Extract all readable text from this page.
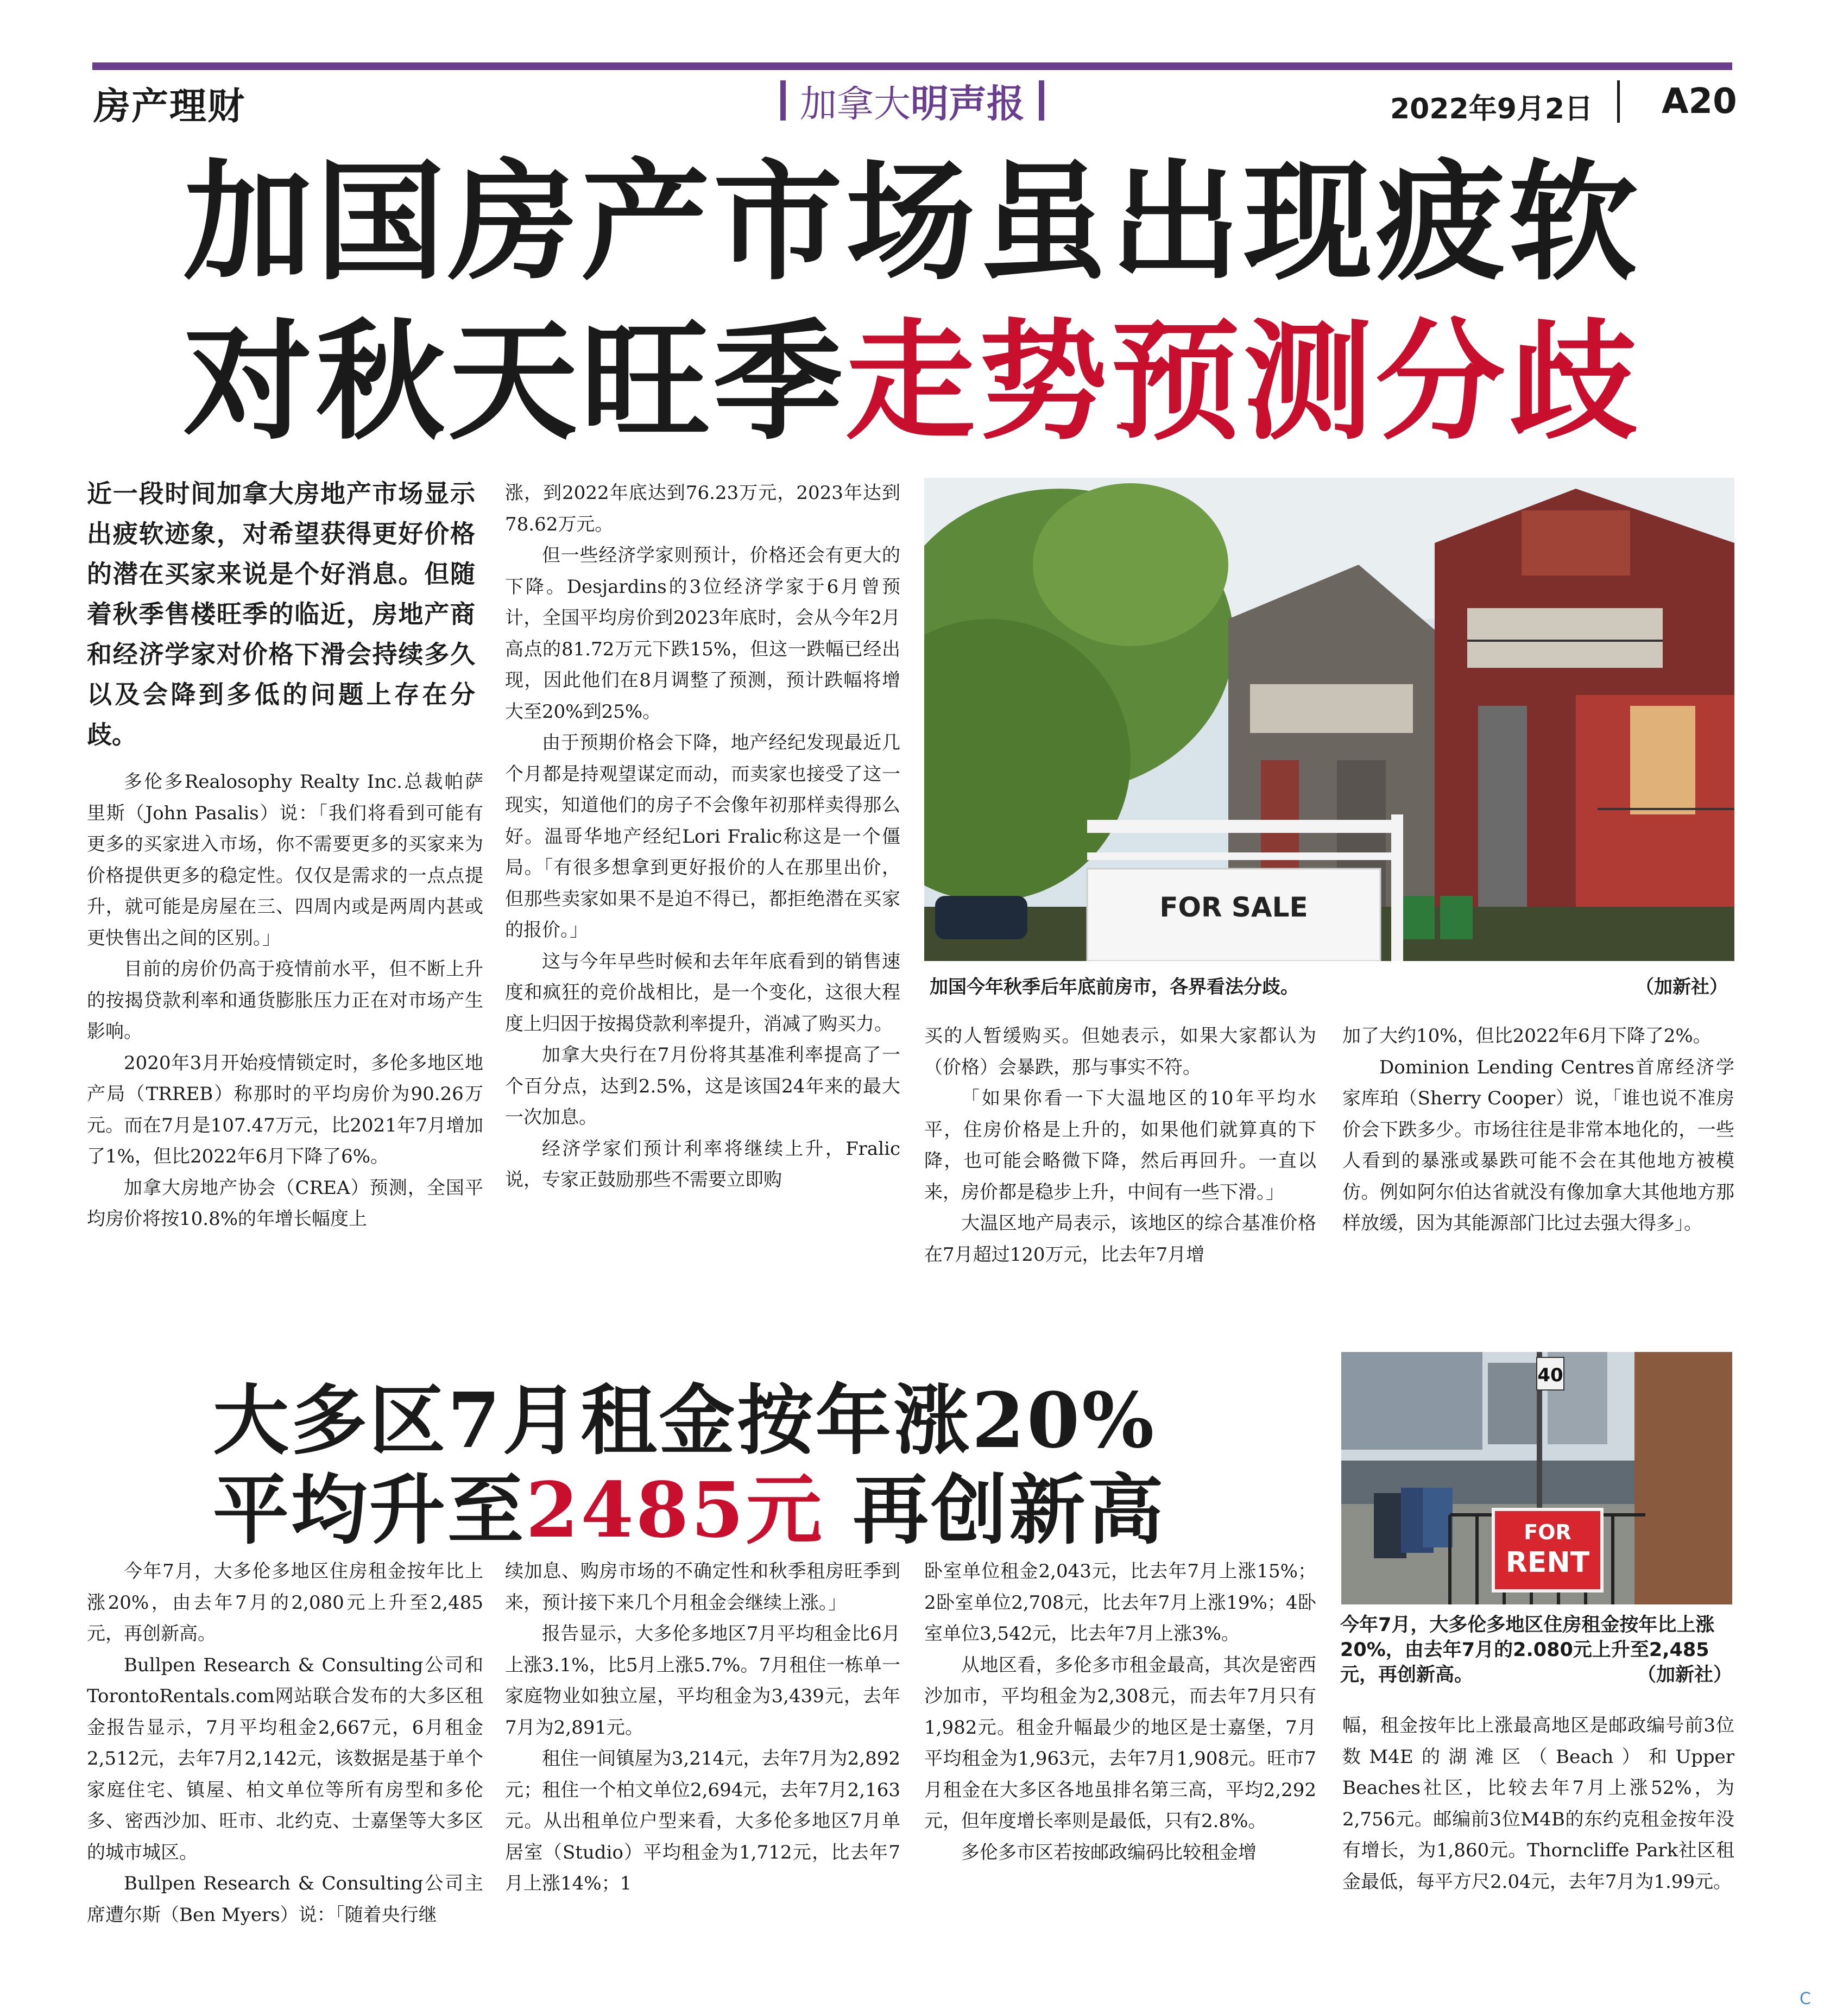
房产理财	加拿大明声报	2022年9月2日 A20
加国房产市场虽出现疲软
对秋天旺季走势预测分歧
近一段时间加拿大房地产市场显示出疲软迹象，对希望获得更好价格的潜在买家来说是个好消息。但随着秋季售楼旺季的临近，房地产商和经济学家对价格下滑会持续多久以及会降到多低的问题上存在分歧。

多伦多Realosophy Realty Inc.总裁帕萨里斯（John Pasalis）说：「我们将看到可能有更多的买家进入市场，你不需要更多的买家来为价格提供更多的稳定性。仅仅是需求的一点点提升，就可能是房屋在三、四周内或是两周内甚或更快售出之间的区别。」

目前的房价仍高于疫情前水平，但不断上升的按揭贷款利率和通货膨胀压力正在对市场产生影响。

2020年3月开始疫情锁定时，多伦多地区地产局（TRREB）称那时的平均房价为90.26万元。而在7月是107.47万元，比2021年7月增加了1%，但比2022年6月下降了6%。

加拿大房地产协会（CREA）预测，全国平均房价将按10.8%的年增长幅度上

涨，到2022年底达到76.23万元，2023年达到78.62万元。

但一些经济学家则预计，价格还会有更大的下降。Desjardins的3位经济学家于6月曾预计，全国平均房价到2023年底时，会从今年2月高点的81.72万元下跌15%，但这一跌幅已经出现，因此他们在8月调整了预测，预计跌幅将增大至20%到25%。

由于预期价格会下降，地产经纪发现最近几个月都是持观望谋定而动，而卖家也接受了这一现实，知道他们的房子不会像年初那样卖得那么好。温哥华地产经纪Lori Fralic称这是一个僵局。「有很多想拿到更好报价的人在那里出价，但那些卖家如果不是迫不得已，都拒绝潜在买家的报价。」

这与今年早些时候和去年年底看到的销售速度和疯狂的竞价战相比，是一个变化，这很大程度上归因于按揭贷款利率提升，消减了购买力。

加拿大央行在7月份将其基准利率提高了一个百分点，达到2.5%，这是该国24年来的最大一次加息。

经济学家们预计利率将继续上升，Fralic说，专家正鼓励那些不需要立即购

买的人暂缓购买。但她表示，如果大家都认为（价格）会暴跌，那与事实不符。

「如果你看一下大温地区的10年平均水平，住房价格是上升的，如果他们就算真的下降，也可能会略微下降，然后再回升。一直以来，房价都是稳步上升，中间有一些下滑。」

大温区地产局表示，该地区的综合基准价格在7月超过120万元，比去年7月增

加了大约10%，但比2022年6月下降了2%。

Dominion Lending Centres首席经济学家库珀（Sherry Cooper）说，「谁也说不准房价会下跌多少。市场往往是非常本地化的，一些人看到的暴涨或暴跌可能不会在其他地方被模仿。例如阿尔伯达省就没有像加拿大其他地方那样放缓，因为其能源部门比过去强大得多」。

FOR SALE
加国今年秋季后年底前房市，各界看法分歧。	（加新社）
大多区7月租金按年涨20%
平均升至2485元 再创新高
40
FOR
RENT
今年7月，大多伦多地区住房租金按年比上涨20%，由去年7月的2.080元上升至2,485元，再创新高。	（加新社）

今年7月，大多伦多地区住房租金按年比上涨20%，由去年7月的2,080元上升至2,485元，再创新高。

Bullpen Research & Consulting公司和TorontoRentals.com网站联合发布的大多区租金报告显示，7月平均租金2,667元，6月租金2,512元，去年7月2,142元，该数据是基于单个家庭住宅、镇屋、柏文单位等所有房型和多伦多、密西沙加、旺市、北约克、士嘉堡等大多区的城市城区。

Bullpen Research & Consulting公司主席遭尔斯（Ben Myers）说：「随着央行继

续加息、购房市场的不确定性和秋季租房旺季到来，预计接下来几个月租金会继续上涨。」

报告显示，大多伦多地区7月平均租金比6月上涨3.1%，比5月上涨5.7%。7月租住一栋单一家庭物业如独立屋，平均租金为3,439元，去年7月为2,891元。

租住一间镇屋为3,214元，去年7月为2,892元；租住一个柏文单位2,694元，去年7月2,163元。从出租单位户型来看，大多伦多地区7月单居室（Studio）平均租金为1,712元，比去年7月上涨14%；1

卧室单位租金2,043元，比去年7月上涨15%；2卧室单位2,708元，比去年7月上涨19%；4卧室单位3,542元，比去年7月上涨3%。

从地区看，多伦多市租金最高，其次是密西沙加市，平均租金为2,308元，而去年7月只有1,982元。租金升幅最少的地区是士嘉堡，7月平均租金为1,963元，去年7月1,908元。旺市7月租金在大多区各地虽排名第三高，平均2,292元，但年度增长率则是最低，只有2.8%。

多伦多市区若按邮政编码比较租金增

幅，租金按年比上涨最高地区是邮政编号前3位数M4E的湖滩区（Beach）和Upper Beaches社区，比较去年7月上涨52%，为2,756元。邮编前3位M4B的东约克租金按年没有增长，为1,860元。Thorncliffe Park社区租金最低，每平方尺2.04元，去年7月为1.99元。

C
